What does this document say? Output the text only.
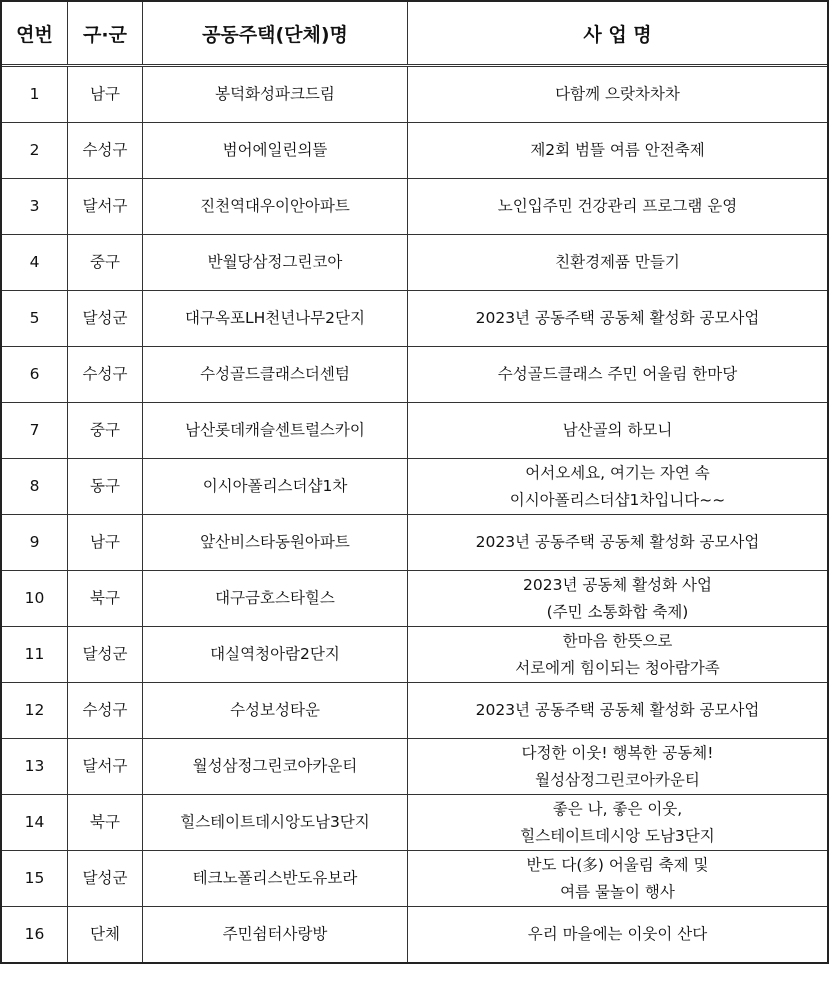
연번	구·군	공동주택(단체)명	사 업 명
1	남구	봉덕화성파크드림	다함께 으랏차차차

2	수성구	범어에일린의뜰	제2회 범뜰 여름 안전축제

3	달서구	진천역대우이안아파트	노인입주민 건강관리 프로그램 운영

4	중구	반월당삼정그린코아	친환경제품 만들기

5	달성군	대구옥포LH천년나무2단지	2023년 공동주택 공동체 활성화 공모사업

6	수성구	수성골드클래스더센텀	수성골드클래스 주민 어울림 한마당

7	중구	남산롯데캐슬센트럴스카이	남산골의 하모니

8	동구	이시아폴리스더샵1차	어서오세요, 여기는 자연 속
이시아폴리스더샵1차입니다~~

9	남구	앞산비스타동원아파트	2023년 공동주택 공동체 활성화 공모사업

10	북구	대구금호스타힐스	2023년 공동체 활성화 사업
(주민 소통화합 축제)

11	달성군	대실역청아람2단지	한마음 한뜻으로
서로에게 힘이되는 청아람가족

12	수성구	수성보성타운	2023년 공동주택 공동체 활성화 공모사업

13	달서구	월성삼정그린코아카운티	다정한 이웃! 행복한 공동체!
월성삼정그린코아카운티

14	북구	힐스테이트데시앙도남3단지	좋은 나, 좋은 이웃,
힐스테이트데시앙 도남3단지

15	달성군	테크노폴리스반도유보라	반도 다(多) 어울림 축제 및
여름 물놀이 행사

16	단체	주민쉼터사랑방	우리 마을에는 이웃이 산다
